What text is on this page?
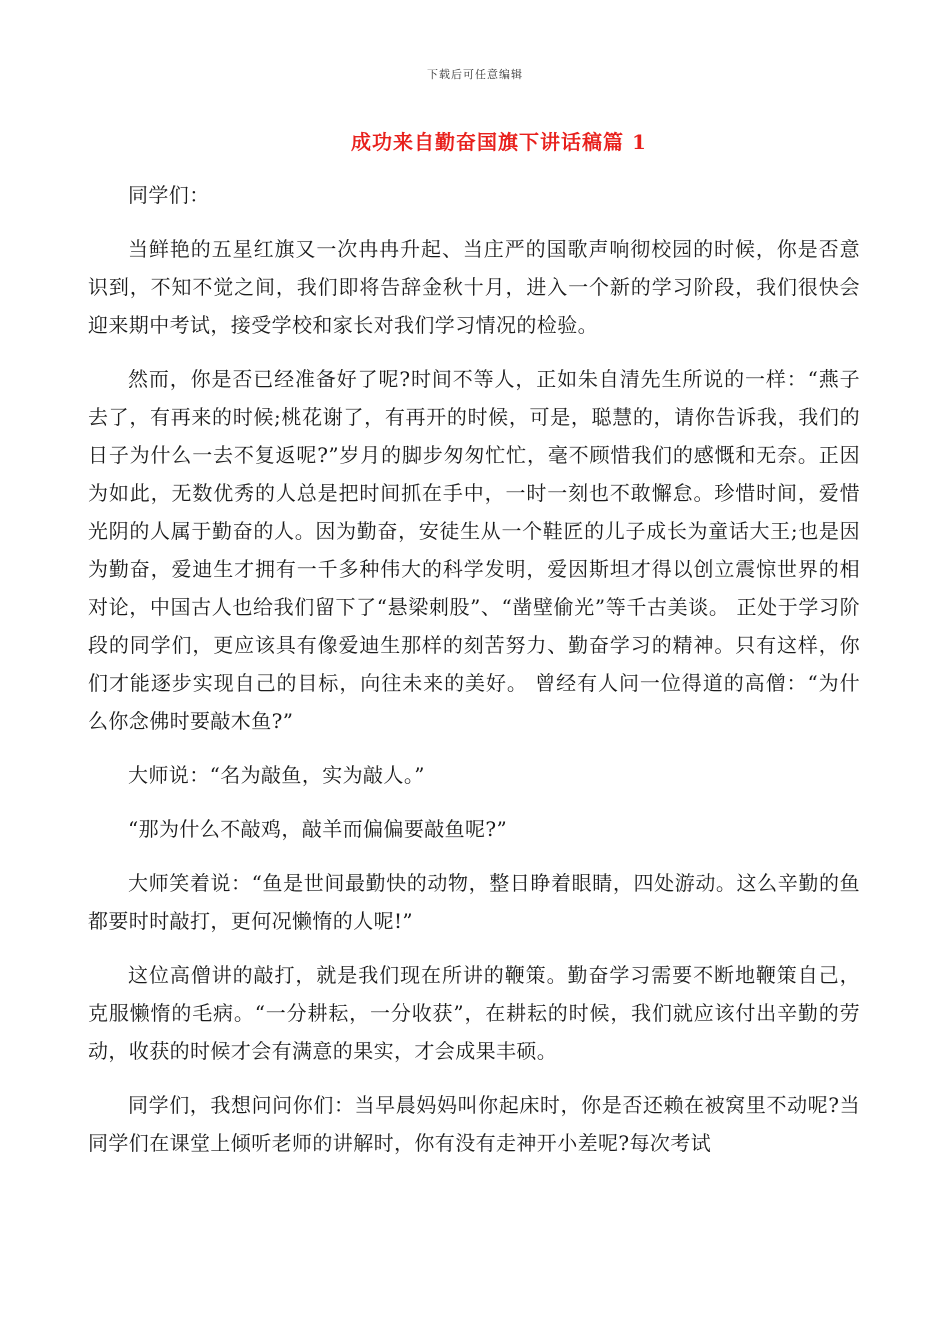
下载后可任意编辑
成功来自勤奋国旗下讲话稿篇 1

同学们：

当鲜艳的五星红旗又一次冉冉升起、当庄严的国歌声响彻校园的时候，你是否意识到，不知不觉之间，我们即将告辞金秋十月，进入一个新的学习阶段，我们很快会迎来期中考试，接受学校和家长对我们学习情况的检验。

然而，你是否已经准备好了呢?时间不等人，正如朱自清先生所说的一样：“燕子去了，有再来的时候;桃花谢了，有再开的时候，可是，聪慧的，请你告诉我，我们的日子为什么一去不复返呢?”岁月的脚步匆匆忙忙，毫不顾惜我们的感慨和无奈。正因为如此，无数优秀的人总是把时间抓在手中，一时一刻也不敢懈怠。珍惜时间，爱惜光阴的人属于勤奋的人。因为勤奋，安徒生从一个鞋匠的儿子成长为童话大王;也是因为勤奋，爱迪生才拥有一千多种伟大的科学发明，爱因斯坦才得以创立震惊世界的相对论，中国古人也给我们留下了“悬梁刺股”、“凿壁偷光”等千古美谈。 正处于学习阶段的同学们，更应该具有像爱迪生那样的刻苦努力、勤奋学习的精神。只有这样，你们才能逐步实现自己的目标，向往未来的美好。 曾经有人问一位得道的高僧：“为什么你念佛时要敲木鱼?”

大师说：“名为敲鱼，实为敲人。”

“那为什么不敲鸡，敲羊而偏偏要敲鱼呢?”

大师笑着说：“鱼是世间最勤快的动物，整日睁着眼睛，四处游动。这么辛勤的鱼都要时时敲打，更何况懒惰的人呢!”

这位高僧讲的敲打，就是我们现在所讲的鞭策。勤奋学习需要不断地鞭策自己，克服懒惰的毛病。“一分耕耘，一分收获”，在耕耘的时候，我们就应该付出辛勤的劳动，收获的时候才会有满意的果实，才会成果丰硕。

同学们，我想问问你们：当早晨妈妈叫你起床时，你是否还赖在被窝里不动呢?当同学们在课堂上倾听老师的讲解时，你有没有走神开小差呢?每次考试
